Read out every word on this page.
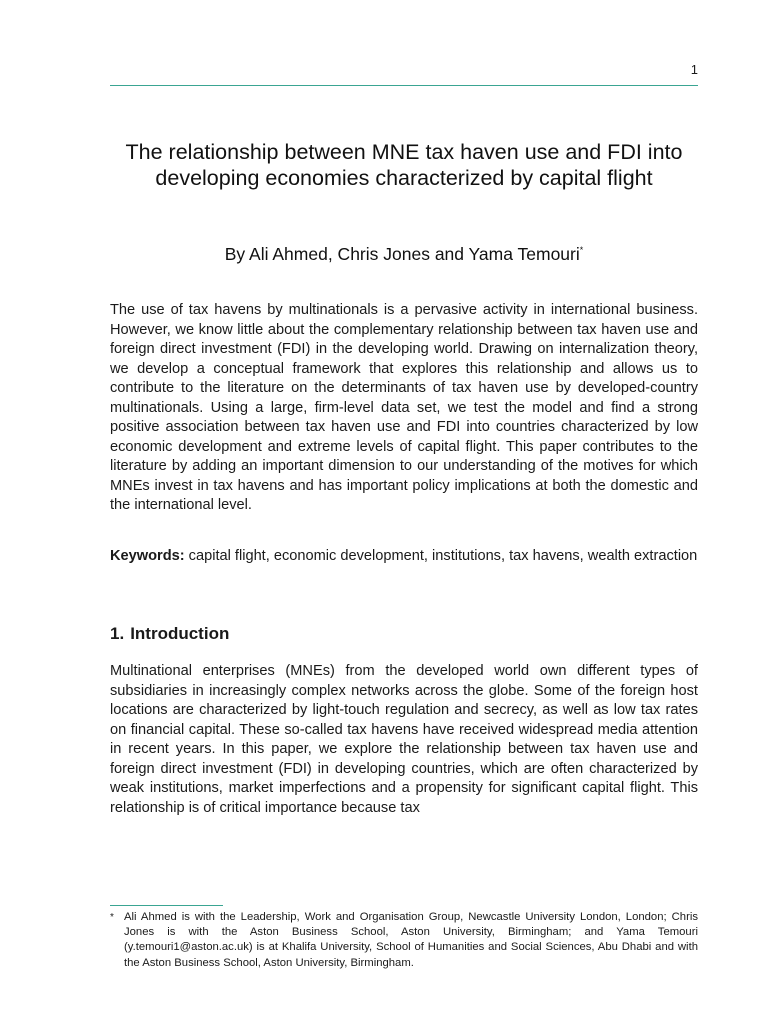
1
The relationship between MNE tax haven use and FDI into developing economies characterized by capital flight

By Ali Ahmed, Chris Jones and Yama Temouri*

The use of tax havens by multinationals is a pervasive activity in international business. However, we know little about the complementary relationship between tax haven use and foreign direct investment (FDI) in the developing world. Drawing on internalization theory, we develop a conceptual framework that explores this relationship and allows us to contribute to the literature on the determinants of tax haven use by developed-country multinationals. Using a large, firm-level data set, we test the model and find a strong positive association between tax haven use and FDI into countries characterized by low economic development and extreme levels of capital flight. This paper contributes to the literature by adding an important dimension to our understanding of the motives for which MNEs invest in tax havens and has important policy implications at both the domestic and the international level.

Keywords: capital flight, economic development, institutions, tax havens, wealth extraction

1. Introduction

Multinational enterprises (MNEs) from the developed world own different types of subsidiaries in increasingly complex networks across the globe. Some of the foreign host locations are characterized by light-touch regulation and secrecy, as well as low tax rates on financial capital. These so-called tax havens have received widespread media attention in recent years. In this paper, we explore the relationship between tax haven use and foreign direct investment (FDI) in developing countries, which are often characterized by weak institutions, market imperfections and a propensity for significant capital flight. This relationship is of critical importance because tax

* Ali Ahmed is with the Leadership, Work and Organisation Group, Newcastle University London, London; Chris Jones is with the Aston Business School, Aston University, Birmingham; and Yama Temouri (y.temouri1@aston.ac.uk) is at Khalifa University, School of Humanities and Social Sciences, Abu Dhabi and with the Aston Business School, Aston University, Birmingham.
